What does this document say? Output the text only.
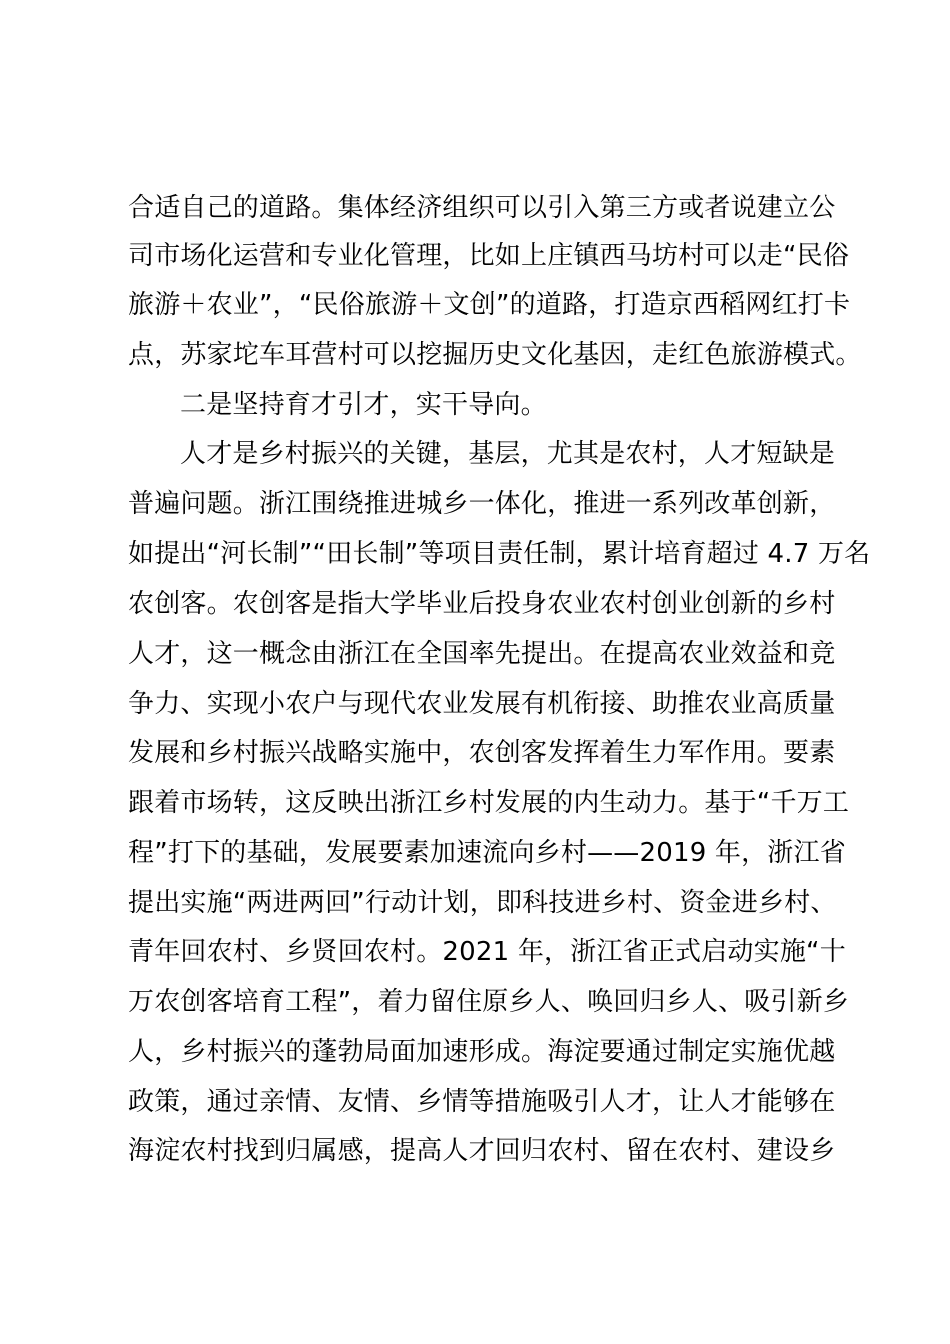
合适自己的道路。集体经济组织可以引入第三方或者说建立公
司市场化运营和专业化管理，比如上庄镇西马坊村可以走“民俗
旅游＋农业”，“民俗旅游＋文创”的道路，打造京西稻网红打卡
点，苏家坨车耳营村可以挖掘历史文化基因，走红色旅游模式。
二是坚持育才引才，实干导向。
人才是乡村振兴的关键，基层，尤其是农村，人才短缺是
普遍问题。浙江围绕推进城乡一体化，推进一系列改革创新，
如提出“河长制”“田长制”等项目责任制，累计培育超过 4.7 万名
农创客。农创客是指大学毕业后投身农业农村创业创新的乡村
人才，这一概念由浙江在全国率先提出。在提高农业效益和竞
争力、实现小农户与现代农业发展有机衔接、助推农业高质量
发展和乡村振兴战略实施中，农创客发挥着生力军作用。要素
跟着市场转，这反映出浙江乡村发展的内生动力。基于“千万工
程”打下的基础，发展要素加速流向乡村——2019 年，浙江省
提出实施“两进两回”行动计划，即科技进乡村、资金进乡村、
青年回农村、乡贤回农村。2021 年，浙江省正式启动实施“十
万农创客培育工程”，着力留住原乡人、唤回归乡人、吸引新乡
人，乡村振兴的蓬勃局面加速形成。海淀要通过制定实施优越
政策，通过亲情、友情、乡情等措施吸引人才，让人才能够在
海淀农村找到归属感，提高人才回归农村、留在农村、建设乡
